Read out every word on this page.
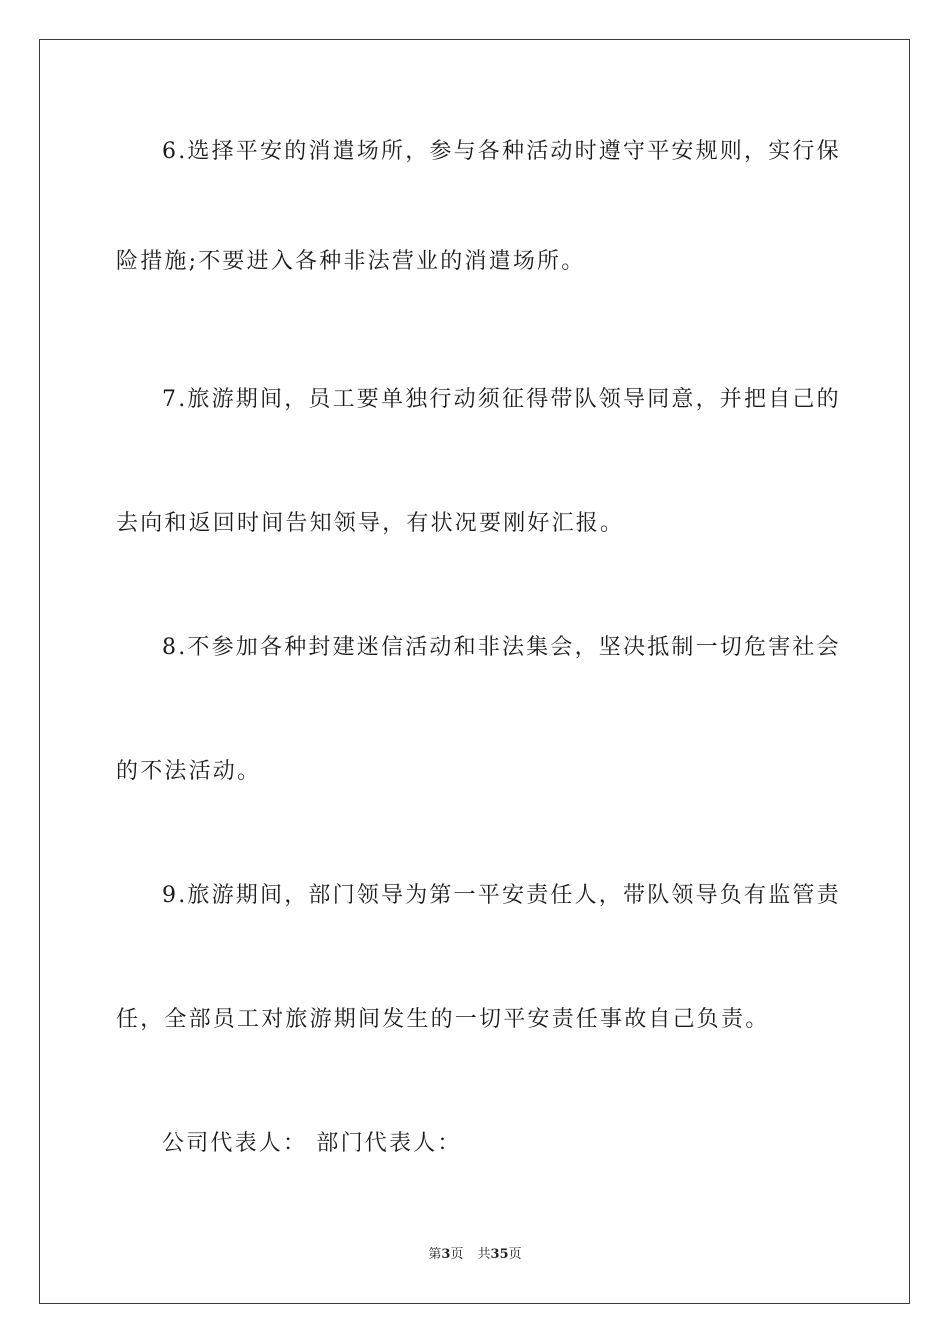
6.选择平安的消遣场所，参与各种活动时遵守平安规则，实行保
险措施;不要进入各种非法营业的消遣场所。
7.旅游期间，员工要单独行动须征得带队领导同意，并把自己的
去向和返回时间告知领导，有状况要刚好汇报。
8.不参加各种封建迷信活动和非法集会，坚决抵制一切危害社会
的不法活动。
9.旅游期间，部门领导为第一平安责任人，带队领导负有监管责
任，全部员工对旅游期间发生的一切平安责任事故自己负责。
公司代表人： 部门代表人：
第3页 共35页
